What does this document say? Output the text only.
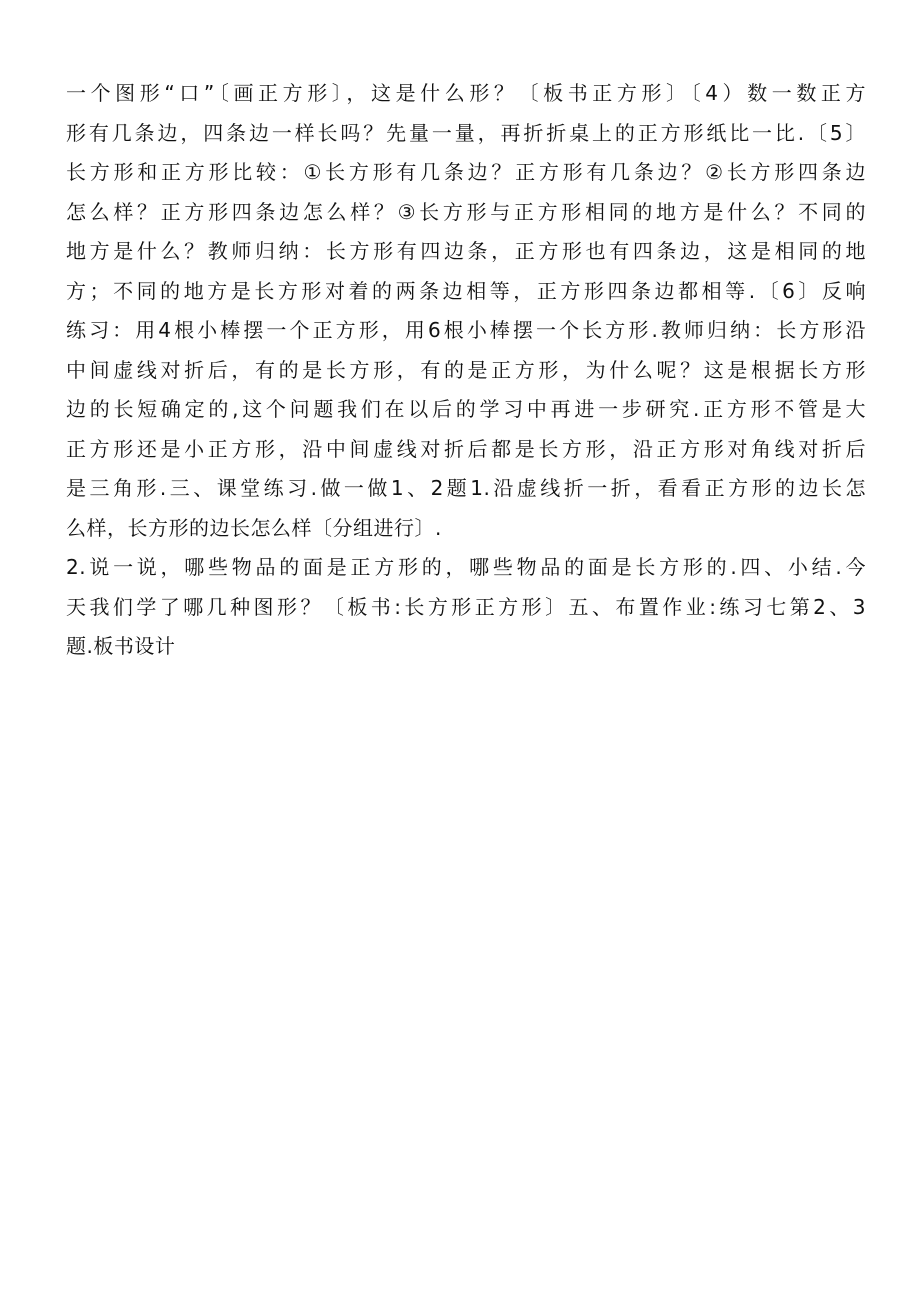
一个图形“口”〔画正方形〕，这是什么形？〔板书正方形〕〔4）数一数正方
形有几条边，四条边一样长吗？先量一量，再折折桌上的正方形纸比一比.〔5〕
长方形和正方形比较：①长方形有几条边？正方形有几条边？②长方形四条边
怎么样？正方形四条边怎么样？③长方形与正方形相同的地方是什么？不同的
地方是什么？教师归纳：长方形有四边条，正方形也有四条边，这是相同的地
方；不同的地方是长方形对着的两条边相等，正方形四条边都相等.〔6〕反响
练习：用4根小棒摆一个正方形，用6根小棒摆一个长方形.教师归纳：长方形沿
中间虚线对折后，有的是长方形，有的是正方形，为什么呢？这是根据长方形
边的长短确定的,这个问题我们在以后的学习中再进一步研究.正方形不管是大
正方形还是小正方形，沿中间虚线对折后都是长方形，沿正方形对角线对折后
是三角形.三、课堂练习.做一做1、2题1.沿虚线折一折，看看正方形的边长怎
么样，长方形的边长怎么样〔分组进行〕.
2.说一说，哪些物品的面是正方形的，哪些物品的面是长方形的.四、小结.今
天我们学了哪几种图形？〔板书:长方形正方形〕五、布置作业:练习七第2、3
题.板书设计
